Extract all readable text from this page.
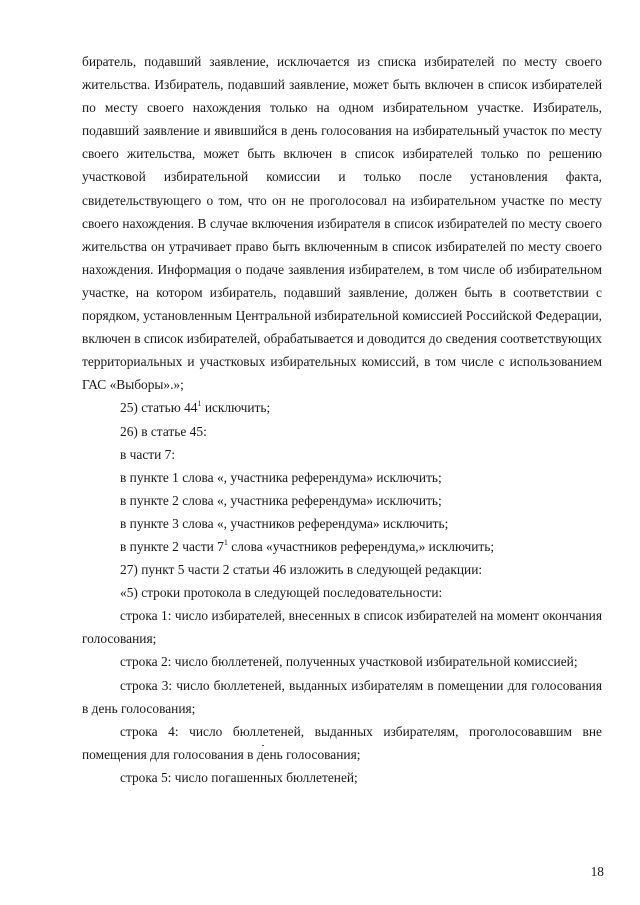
биратель, подавший заявление, исключается из списка избирателей по месту своего жительства. Избиратель, подавший заявление, может быть включен в список избирателей по месту своего нахождения только на одном избирательном участке. Избиратель, подавший заявление и явившийся в день голосования на избирательный участок по месту своего жительства, может быть включен в список избирателей только по решению участковой избирательной комиссии и только после установления факта, свидетельствующего о том, что он не проголосовал на избирательном участке по месту своего нахождения. В случае включения избирателя в список избирателей по месту своего жительства он утрачивает право быть включенным в список избирателей по месту своего нахождения. Информация о подаче заявления избирателем, в том числе об избирательном участке, на котором избиратель, подавший заявление, должен быть в соответствии с порядком, установленным Центральной избирательной комиссией Российской Федерации, включен в список избирателей, обрабатывается и доводится до сведения соответствующих территориальных и участковых избирательных комиссий, в том числе с использованием ГАС «Выборы».»;

25) статью $44^1$ исключить;

26) в статье 45:

в части 7:

в пункте 1 слова «, участника референдума» исключить;

в пункте 2 слова «, участника референдума» исключить;

в пункте 3 слова «, участников референдума» исключить;

в пункте 2 части $7^1$ слова «участников референдума,» исключить;

27) пункт 5 части 2 статьи 46 изложить в следующей редакции:

«5) строки протокола в следующей последовательности:

строка 1: число избирателей, внесенных в список избирателей на момент окончания голосования;

строка 2: число бюллетеней, полученных участковой избирательной комиссией;

строка 3: число бюллетеней, выданных избирателям в помещении для голосования в день голосования;

строка 4: число бюллетеней, выданных избирателям, проголосовавшим вне помещения для голосования в день голосования;

строка 5: число погашенных бюллетеней;

18
